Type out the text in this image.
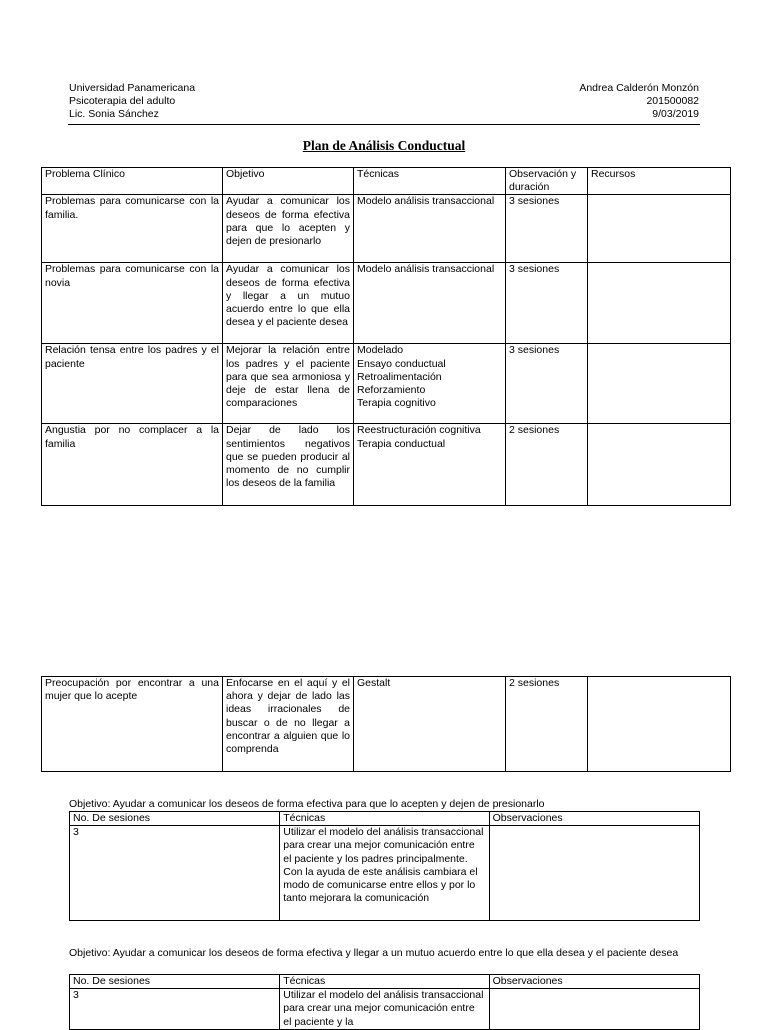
Universidad Panamericana
Psicoterapia del adulto
Lic. Sonia Sánchez
Andrea Calderón Monzón
201500082
9/03/2019
Plan de Análisis Conductual
Problema Clínico	Objetivo	Técnicas	Observación y duración	Recursos
Problemas para comunicarse con la familia.	Ayudar a comunicar los deseos de forma efectiva para que lo acepten y dejen de presionarlo	Modelo análisis transaccional	3 sesiones	
Problemas para comunicarse con la novia	Ayudar a comunicar los deseos de forma efectiva y llegar a un mutuo acuerdo entre lo que ella desea y el paciente desea	Modelo análisis transaccional	3 sesiones	
Relación tensa entre los padres y el paciente	Mejorar la relación entre los padres y el paciente para que sea armoniosa y deje de estar llena de comparaciones	Modelado
Ensayo conductual
Retroalimentación
Reforzamiento
Terapia cognitivo	3 sesiones	
Angustia por no complacer a la familia	Dejar de lado los sentimientos negativos que se pueden producir al momento de no cumplir los deseos de la familia	Reestructuración cognitiva
Terapia conductual	2 sesiones	
Preocupación por encontrar a una mujer que lo acepte	Enfocarse en el aquí y el ahora y dejar de lado las ideas irracionales de buscar o de no llegar a encontrar a alguien que lo comprenda	Gestalt	2 sesiones	
Objetivo: Ayudar a comunicar los deseos de forma efectiva para que lo acepten y dejen de presionarlo
No. De sesiones	Técnicas	Observaciones
3	Utilizar el modelo del análisis transaccional para crear una mejor comunicación entre el paciente y los padres principalmente. Con la ayuda de este análisis cambiara el modo de comunicarse entre ellos y por lo tanto mejorara la comunicación	
Objetivo: Ayudar a comunicar los deseos de forma efectiva y llegar a un mutuo acuerdo entre lo que ella desea y el paciente desea
No. De sesiones	Técnicas	Observaciones
3	Utilizar el modelo del análisis transaccional para crear una mejor comunicación entre el paciente y la	
